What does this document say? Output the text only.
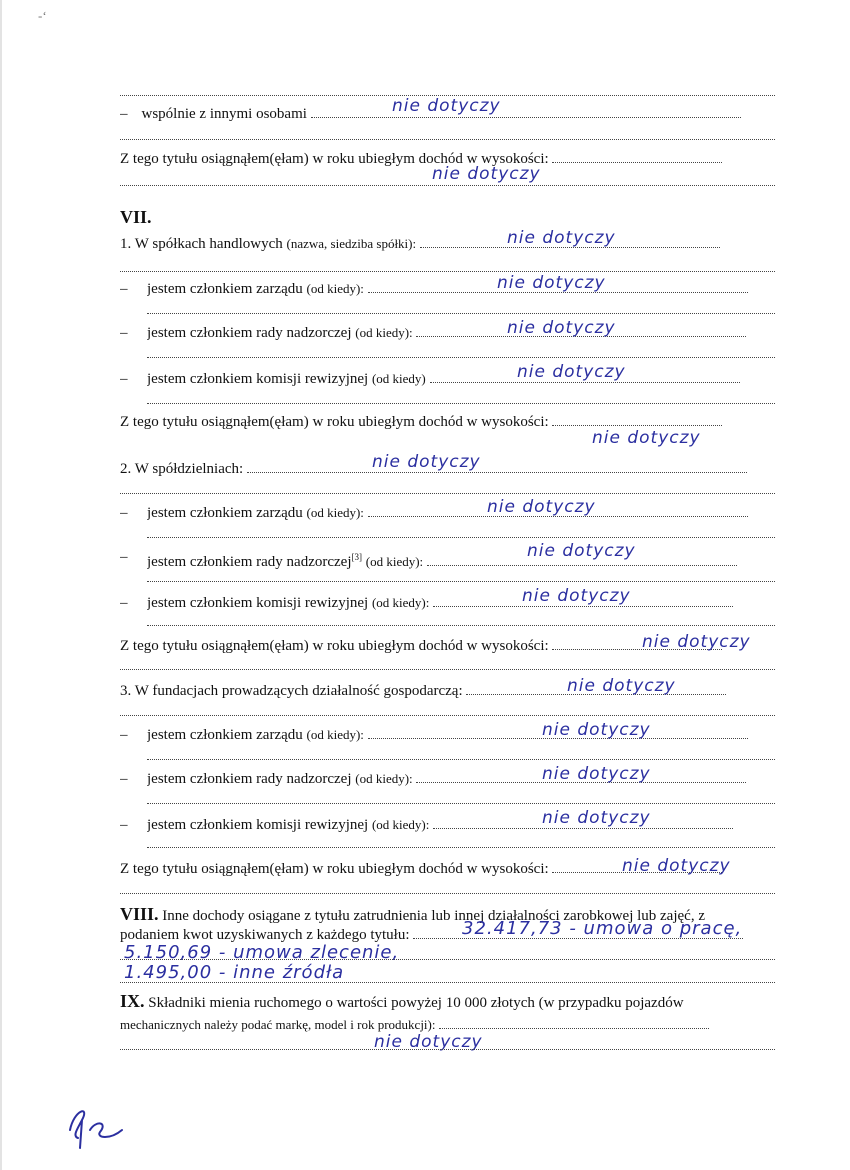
-ʻ
– wspólnie z innymi osobami	nie dotyczy
Z tego tytułu osiągnąłem(ęłam) w roku ubiegłym dochód w wysokości:
nie dotyczy
VII.
1. W spółkach handlowych (nazwa, siedziba spółki):	nie dotyczy
jestem członkiem zarządu (od kiedy):
–	nie dotyczy
jestem członkiem rady nadzorczej (od kiedy):
–	nie dotyczy
jestem członkiem komisji rewizyjnej (od kiedy)
–	nie dotyczy
Z tego tytułu osiągnąłem(ęłam) w roku ubiegłym dochód w wysokości:
nie dotyczy
2. W spółdzielniach:	nie dotyczy
jestem członkiem zarządu (od kiedy):
–	nie dotyczy
jestem członkiem rady nadzorczej[3] (od kiedy):
–	nie dotyczy
jestem członkiem komisji rewizyjnej (od kiedy):
–	nie dotyczy
Z tego tytułu osiągnąłem(ęłam) w roku ubiegłym dochód w wysokości:	nie dotyczy
3. W fundacjach prowadzących działalność gospodarczą:	nie dotyczy
jestem członkiem zarządu (od kiedy):
–	nie dotyczy
jestem członkiem rady nadzorczej (od kiedy):
–	nie dotyczy
jestem członkiem komisji rewizyjnej (od kiedy):
–	nie dotyczy
Z tego tytułu osiągnąłem(ęłam) w roku ubiegłym dochód w wysokości:	nie dotyczy
VIII. Inne dochody osiągane z tytułu zatrudnienia lub innej działalności zarobkowej lub zajęć, z
podaniem kwot uzyskiwanych z każdego tytułu:	32.417,73 - umowa o pracę,
5.150,69 - umowa zlecenie,
1.495,00 - inne źródła
IX. Składniki mienia ruchomego o wartości powyżej 10 000 złotych (w przypadku pojazdów
mechanicznych należy podać markę, model i rok produkcji):
nie dotyczy
